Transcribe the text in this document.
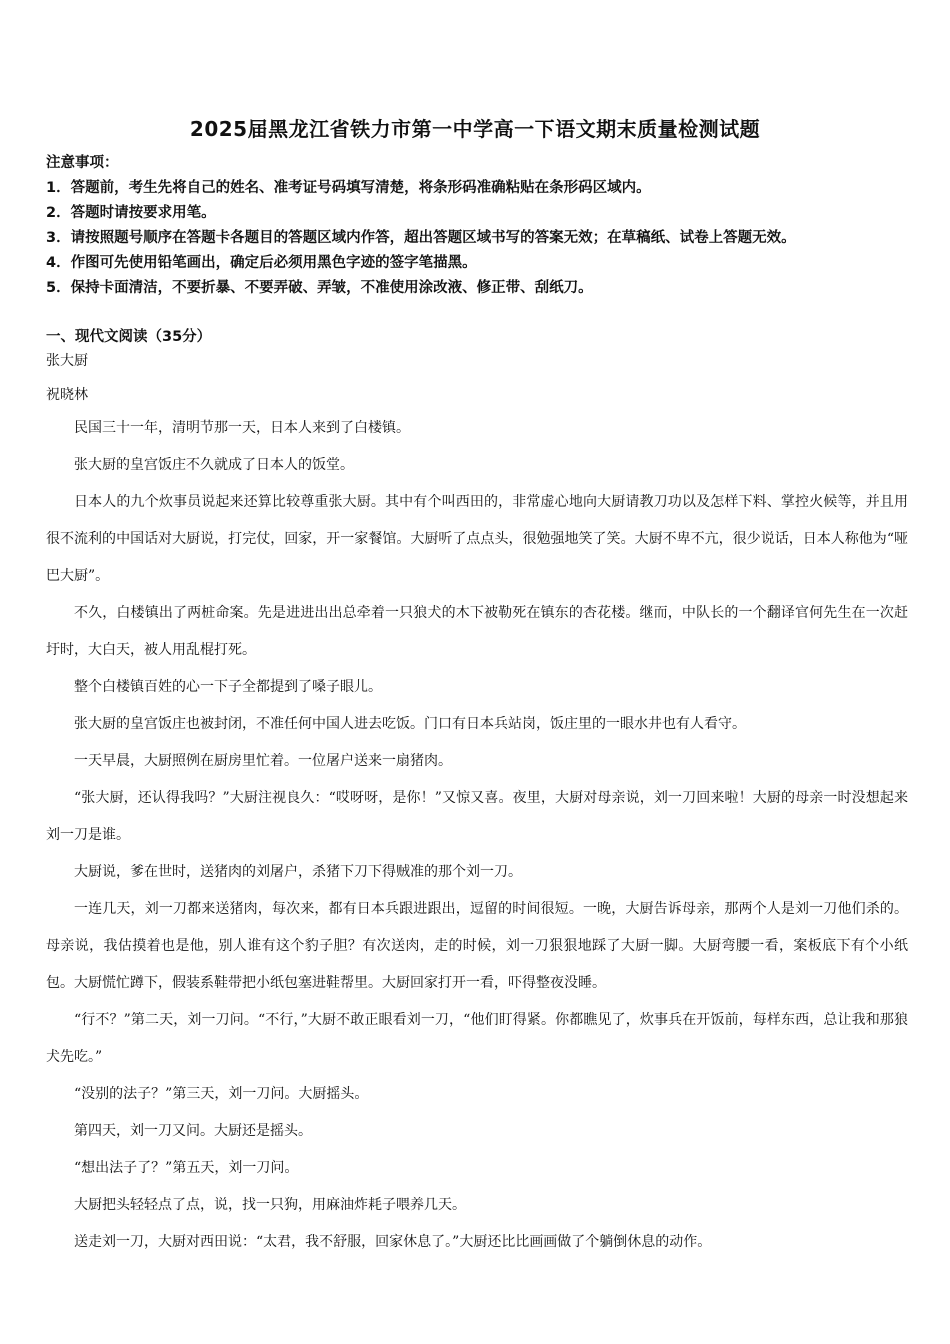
2025届黑龙江省铁力市第一中学高一下语文期末质量检测试题
注意事项：
1．答题前，考生先将自己的姓名、准考证号码填写清楚，将条形码准确粘贴在条形码区域内。
2．答题时请按要求用笔。
3．请按照题号顺序在答题卡各题目的答题区域内作答，超出答题区域书写的答案无效；在草稿纸、试卷上答题无效。
4．作图可先使用铅笔画出，确定后必须用黑色字迹的签字笔描黑。
5．保持卡面清洁，不要折暴、不要弄破、弄皱，不准使用涂改液、修正带、刮纸刀。
一、现代文阅读（35分）
张大厨
祝晓林

民国三十一年，清明节那一天，日本人来到了白楼镇。

张大厨的皇宫饭庄不久就成了日本人的饭堂。

日本人的九个炊事员说起来还算比较尊重张大厨。其中有个叫西田的，非常虚心地向大厨请教刀功以及怎样下料、掌控火候等，并且用很不流利的中国话对大厨说，打完仗，回家，开一家餐馆。大厨听了点点头，很勉强地笑了笑。大厨不卑不亢，很少说话，日本人称他为“哑巴大厨”。

不久，白楼镇出了两桩命案。先是进进出出总牵着一只狼犬的木下被勒死在镇东的杏花楼。继而，中队长的一个翻译官何先生在一次赶圩时，大白天，被人用乱棍打死。

整个白楼镇百姓的心一下子全都提到了嗓子眼儿。

张大厨的皇宫饭庄也被封闭，不准任何中国人进去吃饭。门口有日本兵站岗，饭庄里的一眼水井也有人看守。

一天早晨，大厨照例在厨房里忙着。一位屠户送来一扇猪肉。

“张大厨，还认得我吗？”大厨注视良久：“哎呀呀，是你！”又惊又喜。夜里，大厨对母亲说，刘一刀回来啦！大厨的母亲一时没想起来刘一刀是谁。

大厨说，爹在世时，送猪肉的刘屠户，杀猪下刀下得贼准的那个刘一刀。

一连几天，刘一刀都来送猪肉，每次来，都有日本兵跟进跟出，逗留的时间很短。一晚，大厨告诉母亲，那两个人是刘一刀他们杀的。母亲说，我估摸着也是他，别人谁有这个豹子胆？有次送肉，走的时候，刘一刀狠狠地踩了大厨一脚。大厨弯腰一看，案板底下有个小纸包。大厨慌忙蹲下，假装系鞋带把小纸包塞进鞋帮里。大厨回家打开一看，吓得整夜没睡。

“行不？”第二天，刘一刀问。“不行，”大厨不敢正眼看刘一刀，“他们盯得紧。你都瞧见了，炊事兵在开饭前，每样东西，总让我和那狼犬先吃。”

“没别的法子？”第三天，刘一刀问。大厨摇头。

第四天，刘一刀又问。大厨还是摇头。

“想出法子了？”第五天，刘一刀问。

大厨把头轻轻点了点，说，找一只狗，用麻油炸耗子喂养几天。

送走刘一刀，大厨对西田说：“太君，我不舒服，回家休息了。”大厨还比比画画做了个躺倒休息的动作。
